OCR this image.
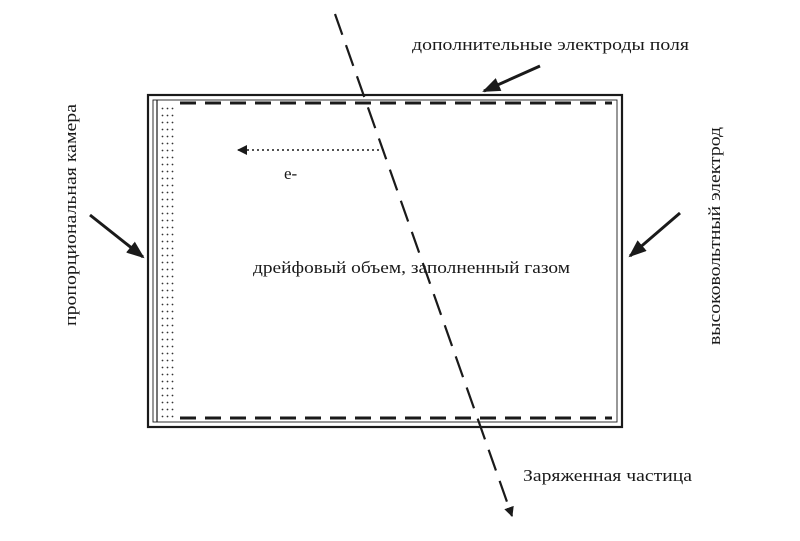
дополнительные электроды поля
e-
дрейфовый объем, заполненный газом
Заряженная частица
пропорциональная камера	высоковольтный электрод
